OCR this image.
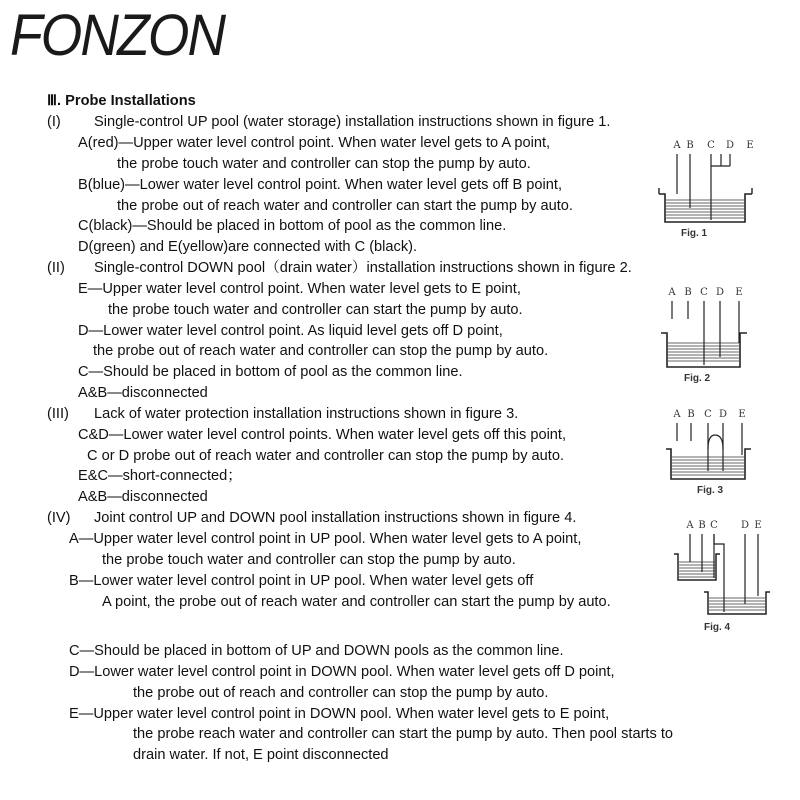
FONZON
Ⅲ. Probe Installations
(I) Single-control UP pool (water storage) installation instructions shown in figure 1.
A(red)—Upper water level control point. When water level gets to A point,
the probe touch water and controller can stop the pump by auto.
B(blue)—Lower water level control point. When water level gets off B point,
the probe out of reach water and controller can start the pump by auto.
C(black)—Should be placed in bottom of pool as the common line.
D(green) and E(yellow)are connected with C (black).
(II) Single-control DOWN pool（drain water）installation instructions shown in figure 2.
E—Upper water level control point. When water level gets to E point,
the probe touch water and controller can start the pump by auto.
D—Lower water level control point. As liquid level gets off D point,
the probe out of reach water and controller can stop the pump by auto.
C—Should be placed in bottom of pool as the common line.
A&B—disconnected
(III) Lack of water protection installation instructions shown in figure 3.
C&D—Lower water level control points. When water level gets off this point,
C or D probe out of reach water and controller can stop the pump by auto.
E&C—short-connected；
A&B—disconnected
(IV) Joint control UP and DOWN pool installation instructions shown in figure 4.
A—Upper water level control point in UP pool. When water level gets to A point,
the probe touch water and controller can stop the pump by auto.
B—Lower water level control point in UP pool. When water level gets off
A point, the probe out of reach water and controller can start the pump by auto.
C—Should be placed in bottom of UP and DOWN pools as the common line.
D—Lower water level control point in DOWN pool. When water level gets off D point,
the probe out of reach and controller can stop the pump by auto.
E—Upper water level control point in DOWN pool. When water level gets to E point,
the probe reach water and controller can start the pump by auto. Then pool starts to
drain water. If not, E point disconnected
A B C D E
Fig. 1
A B C D E
Fig. 2
A B C D E
Fig. 3
A B C D E
Fig. 4
